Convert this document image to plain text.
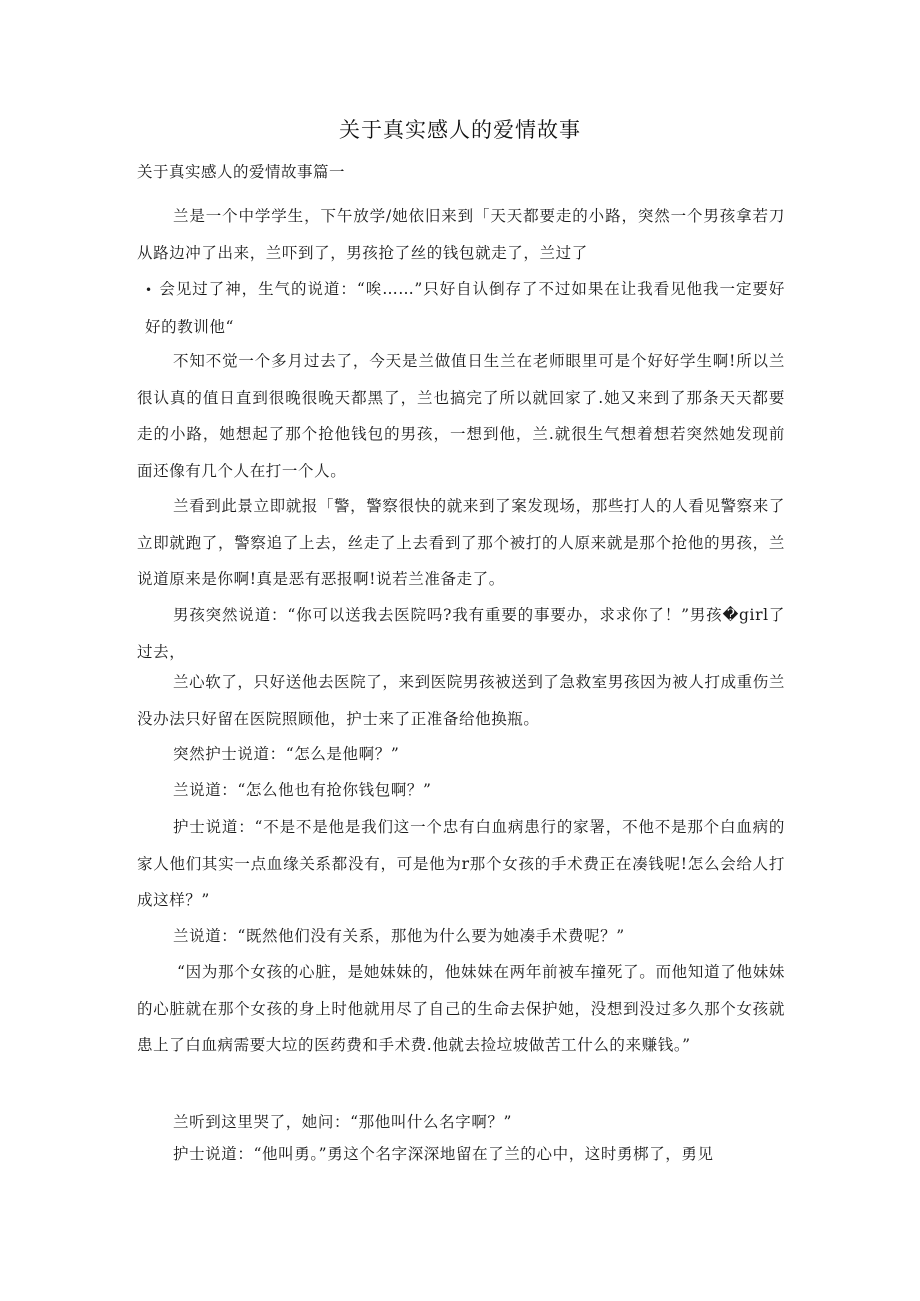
关于真实感人的爱情故事
关于真实感人的爱情故事篇一

兰是一个中学学生，下午放学/她依旧来到「天天都要走的小路，突然一个男孩拿若刀从路边冲了出来，兰吓到了，男孩抢了丝的钱包就走了，兰过了

• 会见过了神，生气的说道：“唉……”只好自认倒存了不过如果在让我看见他我一定要好好的教训他“

不知不觉一个多月过去了，今天是兰做值日生兰在老师眼里可是个好好学生啊!所以兰很认真的值日直到很晚很晚天都黑了，兰也搞完了所以就回家了.她又来到了那条天天都要走的小路，她想起了那个抢他钱包的男孩，一想到他，兰.就很生气想着想若突然她发现前面还像有几个人在打一个人。

兰看到此景立即就报「警，警察很快的就来到了案发现场，那些打人的人看见警察来了立即就跑了，警察追了上去，丝走了上去看到了那个被打的人原来就是那个抢他的男孩，兰说道原来是你啊!真是恶有恶报啊!说若兰准备走了。

男孩突然说道：“你可以送我去医院吗?我有重要的事要办，求求你了！”男孩�girl了过去，

兰心软了，只好送他去医院了，来到医院男孩被送到了急救室男孩因为被人打成重伤兰没办法只好留在医院照顾他，护士来了正准备给他换瓶。

突然护士说道：“怎么是他啊？”

兰说道：“怎么他也有抢你钱包啊？”

护士说道：“不是不是他是我们这一个忠有白血病患行的家署，不他不是那个白血病的家人他们其实一点血缘关系都没有，可是他为r那个女孩的手术费正在凑钱呢!怎么会给人打成这样？”

兰说道：“既然他们没有关系，那他为什么要为她凑手术费呢？”

“因为那个女孩的心脏，是她妹妹的，他妹妹在两年前被车撞死了。而他知道了他妹妹的心脏就在那个女孩的身上时他就用尽了自己的生命去保护她，没想到没过多久那个女孩就患上了白血病需要大垃的医药费和手术费.他就去捡垃坡做苦工什么的来赚钱。”

兰听到这里哭了，她问：“那他叫什么名字啊？”

护士说道：“他叫勇。”勇这个名字深深地留在了兰的心中，这时勇梆了，勇见
